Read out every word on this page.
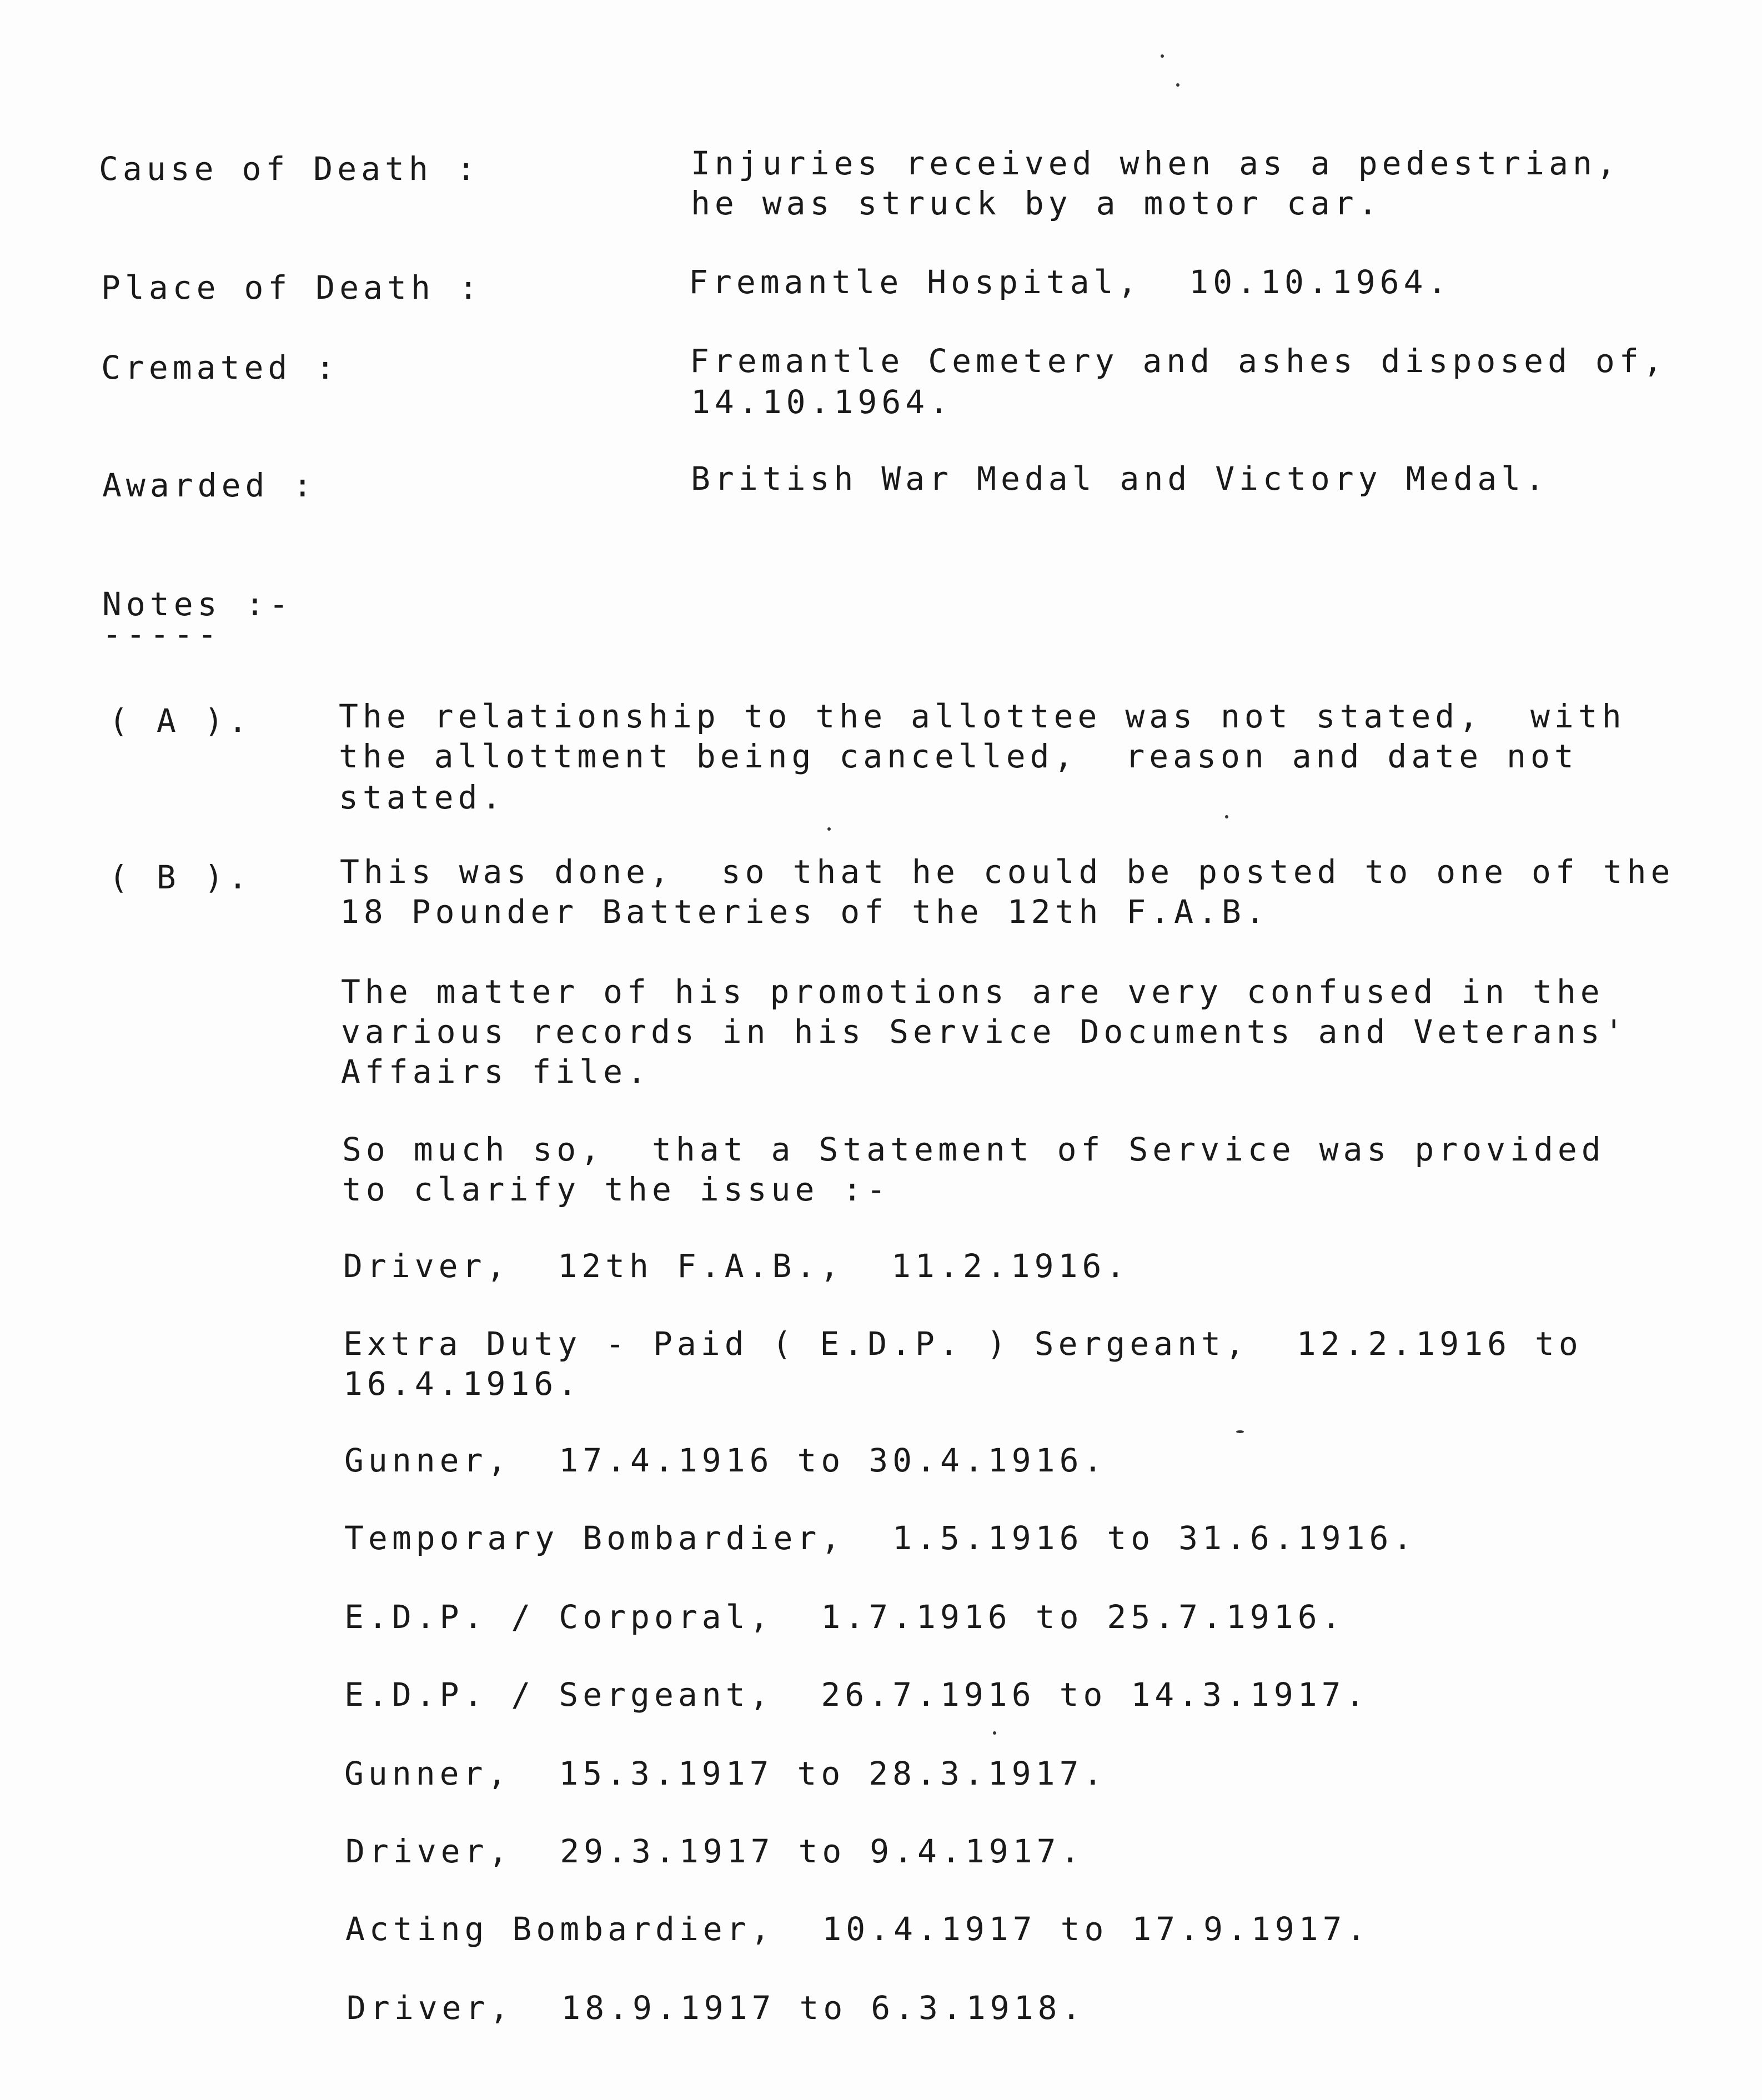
Cause of Death :	Injuries received when as a pedestrian,
he was struck by a motor car.
Place of Death :	Fremantle Hospital,  10.10.1964.
Cremated :	Fremantle Cemetery and ashes disposed of,
14.10.1964.
Awarded :	British War Medal and Victory Medal.
Notes :-
-----
( A ).	The relationship to the allottee was not stated,  with
the allottment being cancelled,  reason and date not
stated.
( B ).	This was done,  so that he could be posted to one of the
18 Pounder Batteries of the 12th F.A.B.
The matter of his promotions are very confused in the
various records in his Service Documents and Veterans'
Affairs file.
So much so,  that a Statement of Service was provided
to clarify the issue :-
Driver,  12th F.A.B.,  11.2.1916.
Extra Duty - Paid ( E.D.P. ) Sergeant,  12.2.1916 to
16.4.1916.
Gunner,  17.4.1916 to 30.4.1916.
Temporary Bombardier,  1.5.1916 to 31.6.1916.
E.D.P. / Corporal,  1.7.1916 to 25.7.1916.
E.D.P. / Sergeant,  26.7.1916 to 14.3.1917.
Gunner,  15.3.1917 to 28.3.1917.
Driver,  29.3.1917 to 9.4.1917.
Acting Bombardier,  10.4.1917 to 17.9.1917.
Driver,  18.9.1917 to 6.3.1918.
